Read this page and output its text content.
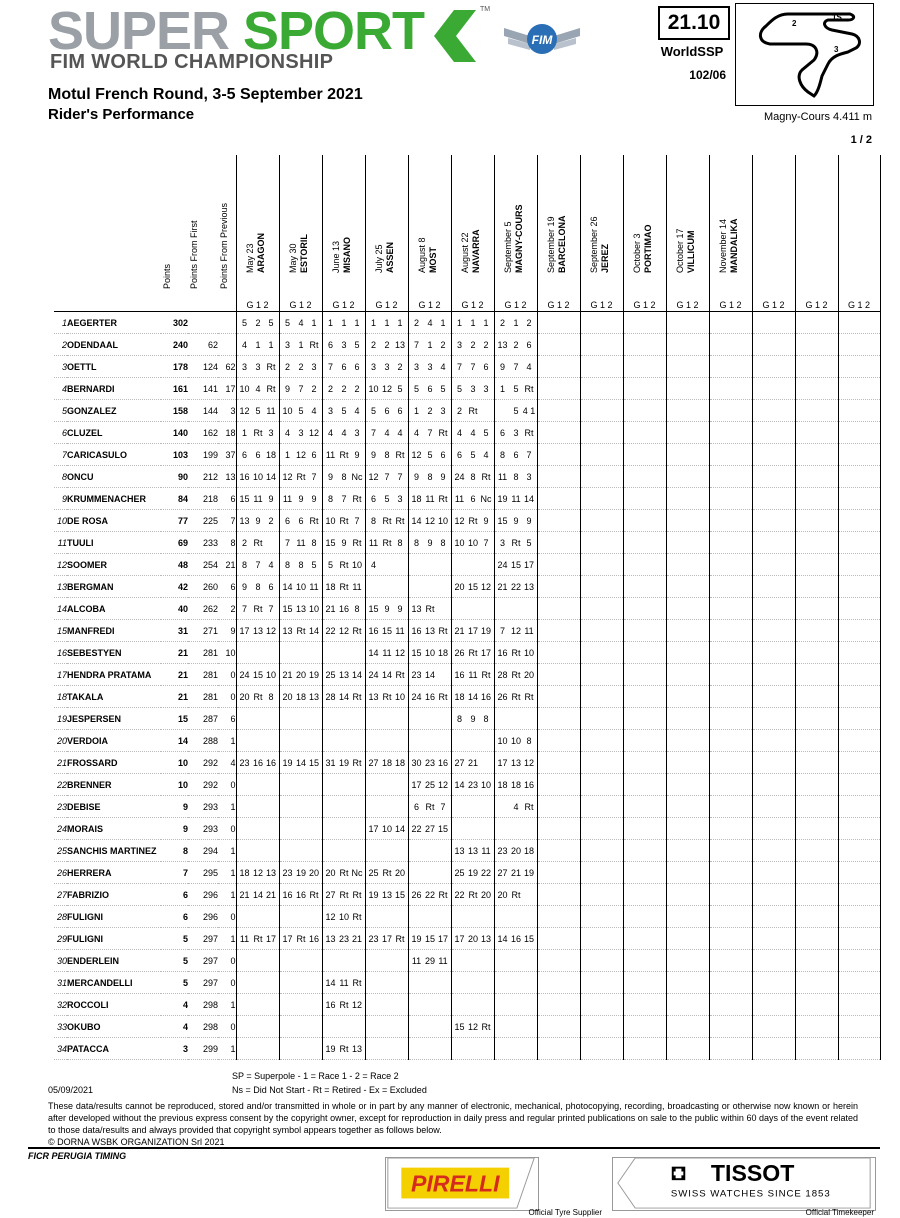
SUPER SPORT	TM
FIM WORLD CHAMPIONSHIP
FIM
21.10
WorldSSP
102/06
2
1S
3
Magny-Cours 4.411 m
1 / 2
Motul French Round, 3-5 September 2021
Rider's Performance

		Points	Points From First	Points From Previous	May 23 ARAGON	May 30 ESTORIL	June 13 MISANO	July 25 ASSEN	August 8 MOST	August 22 NAVARRA	September 5 MAGNY-COURS	September 19 BARCELONA	September 26 JEREZ	October 3 PORTIMAO	October 17 VILLICUM	November 14 MANDALIKA			

					G 1 2	G 1 2	G 1 2	G 1 2	G 1 2	G 1 2	G 1 2	G 1 2	G 1 2	G 1 2	G 1 2	G 1 2	G 1 2	G 1 2	G 1 2
1	AEGERTER	302			5 2 5	5 4 1	1 1 1	1 1 1	2 4 1	1 1 1	2 1 2								
2	ODENDAAL	240	62		4 1 1	3 1 Rt	6 3 5	2 2 13	7 1 2	3 2 2	13 2 6								
3	OETTL	178	124	62	3 3 Rt	2 2 3	7 6 6	3 3 2	3 3 4	7 7 6	9 7 4								
4	BERNARDI	161	141	17	10 4 Rt	9 7 2	2 2 2	10 12 5	5 6 5	5 3 3	1 5 Rt								
5	GONZALEZ	158	144	3	12 5 11	10 5 4	3 5 4	5 6 6	1 2 3	2 Rt	5 4 1								
6	CLUZEL	140	162	18	1 Rt 3	4 3 12	4 4 3	7 4 4	4 7 Rt	4 4 5	6 3 Rt								
7	CARICASULO	103	199	37	6 6 18	1 12 6	11 Rt 9	9 8 Rt	12 5 6	6 5 4	8 6 7								
8	ONCU	90	212	13	16 10 14	12 Rt 7	9 8 Nc	12 7 7	9 8 9	24 8 Rt	11 8 3								
9	KRUMMENACHER	84	218	6	15 11 9	11 9 9	8 7 Rt	6 5 3	18 11 Rt	11 6 Nc	19 11 14								
10	DE ROSA	77	225	7	13 9 2	6 6 Rt	10 Rt 7	8 Rt Rt	14 12 10	12 Rt 9	15 9 9								
11	TUULI	69	233	8	2 Rt	7 11 8	15 9 Rt	11 Rt 8	8 9 8	10 10 7	3 Rt 5								
12	SOOMER	48	254	21	8 7 4	8 8 5	5 Rt 10	4			24 15 17								
13	BERGMAN	42	260	6	9 8 6	14 10 11	18 Rt 11			20 15 12	21 22 13								
14	ALCOBA	40	262	2	7 Rt 7	15 13 10	21 16 8	15 9 9	13 Rt										
15	MANFREDI	31	271	9	17 13 12	13 Rt 14	22 12 Rt	16 15 11	16 13 Rt	21 17 19	7 12 11								
16	SEBESTYEN	21	281	10				14 11 12	15 10 18	26 Rt 17	16 Rt 10								
17	HENDRA PRATAMA	21	281	0	24 15 10	21 20 19	25 13 14	24 14 Rt	23 14	16 11 Rt	28 Rt 20								
18	TAKALA	21	281	0	20 Rt 8	20 18 13	28 14 Rt	13 Rt 10	24 16 Rt	18 14 16	26 Rt Rt								
19	JESPERSEN	15	287	6						8 9 8									
20	VERDOIA	14	288	1							10 10 8								
21	FROSSARD	10	292	4	23 16 16	19 14 15	31 19 Rt	27 18 18	30 23 16	27 21	17 13 12								
22	BRENNER	10	292	0					17 25 12	14 23 10	18 18 16								
23	DEBISE	9	293	1					6 Rt 7		4 Rt								
24	MORAIS	9	293	0				17 10 14	22 27 15										
25	SANCHIS MARTINEZ	8	294	1						13 13 11	23 20 18								
26	HERRERA	7	295	1	18 12 13	23 19 20	20 Rt Nc	25 Rt 20		25 19 22	27 21 19								
27	FABRIZIO	6	296	1	21 14 21	16 16 Rt	27 Rt Rt	19 13 15	26 22 Rt	22 Rt 20	20 Rt								
28	FULIGNI	6	296	0			12 10 Rt												
29	FULIGNI	5	297	1	11 Rt 17	17 Rt 16	13 23 21	23 17 Rt	19 15 17	17 20 13	14 16 15								
30	ENDERLEIN	5	297	0					11 29 11										
31	MERCANDELLI	5	297	0			14 11 Rt												
32	ROCCOLI	4	298	1			16 Rt 12												
33	OKUBO	4	298	0						15 12 Rt									
34	PATACCA	3	299	1			19 Rt 13												
SP = Superpole - 1 = Race 1 - 2 = Race 2
Ns = Did Not Start - Rt = Retired - Ex = Excluded
05/09/2021
These data/results cannot be reproduced, stored and/or transmitted in whole or in part by any manner of electronic, mechanical, photocopying, recording, broadcasting or otherwise now known or herein after developed without the previous express consent by the copyright owner, except for reproduction in daily press and regular printed publications on sale to the public within 60 days of the event related to those data/results and always provided that copyright symbol appears together as follows below.
© DORNA WSBK ORGANIZATION Srl 2021
FICR PERUGIA TIMING
PIRELLI
Official Tyre Supplier
TISSOT
SWISS WATCHES SINCE 1853
Official Timekeeper
